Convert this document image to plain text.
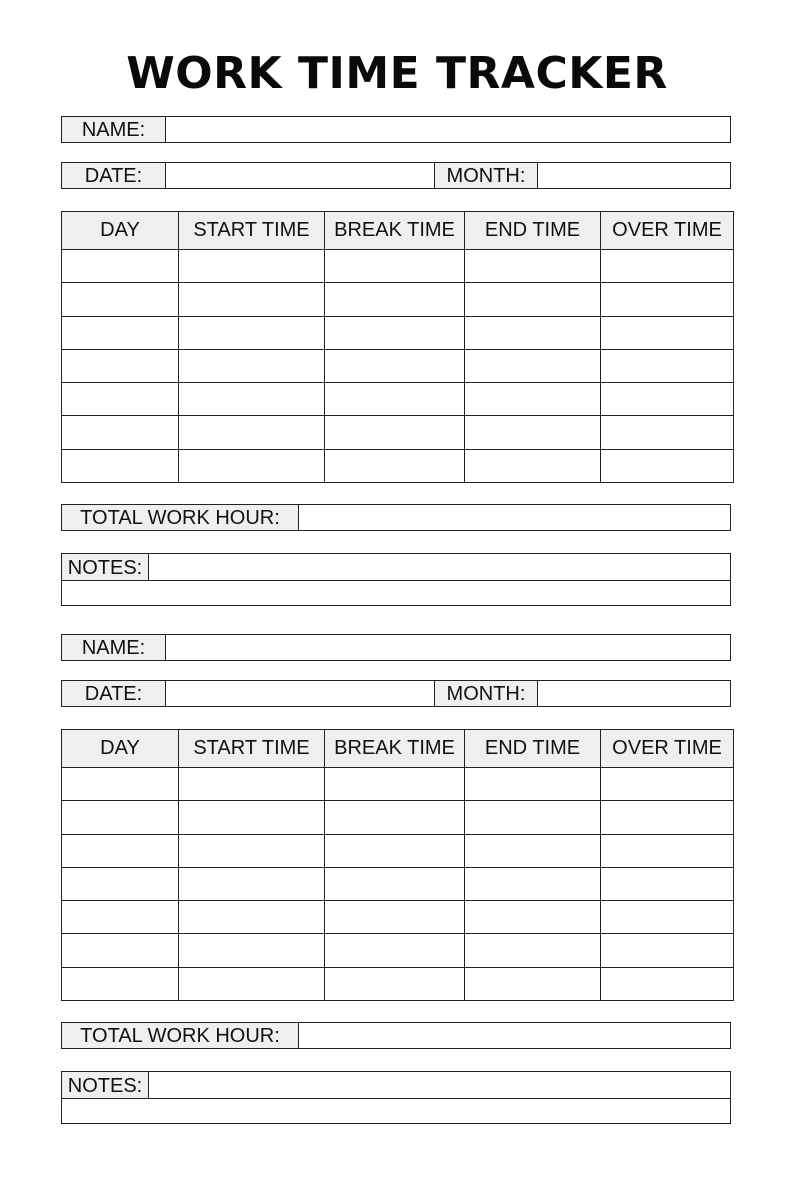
WORK TIME TRACKER
NAME:
DATE:	MONTH:
DAY	START TIME	BREAK TIME	END TIME	OVER TIME

TOTAL WORK HOUR:
NOTES:
NAME:
DATE:	MONTH:
DAY	START TIME	BREAK TIME	END TIME	OVER TIME

TOTAL WORK HOUR:
NOTES:
